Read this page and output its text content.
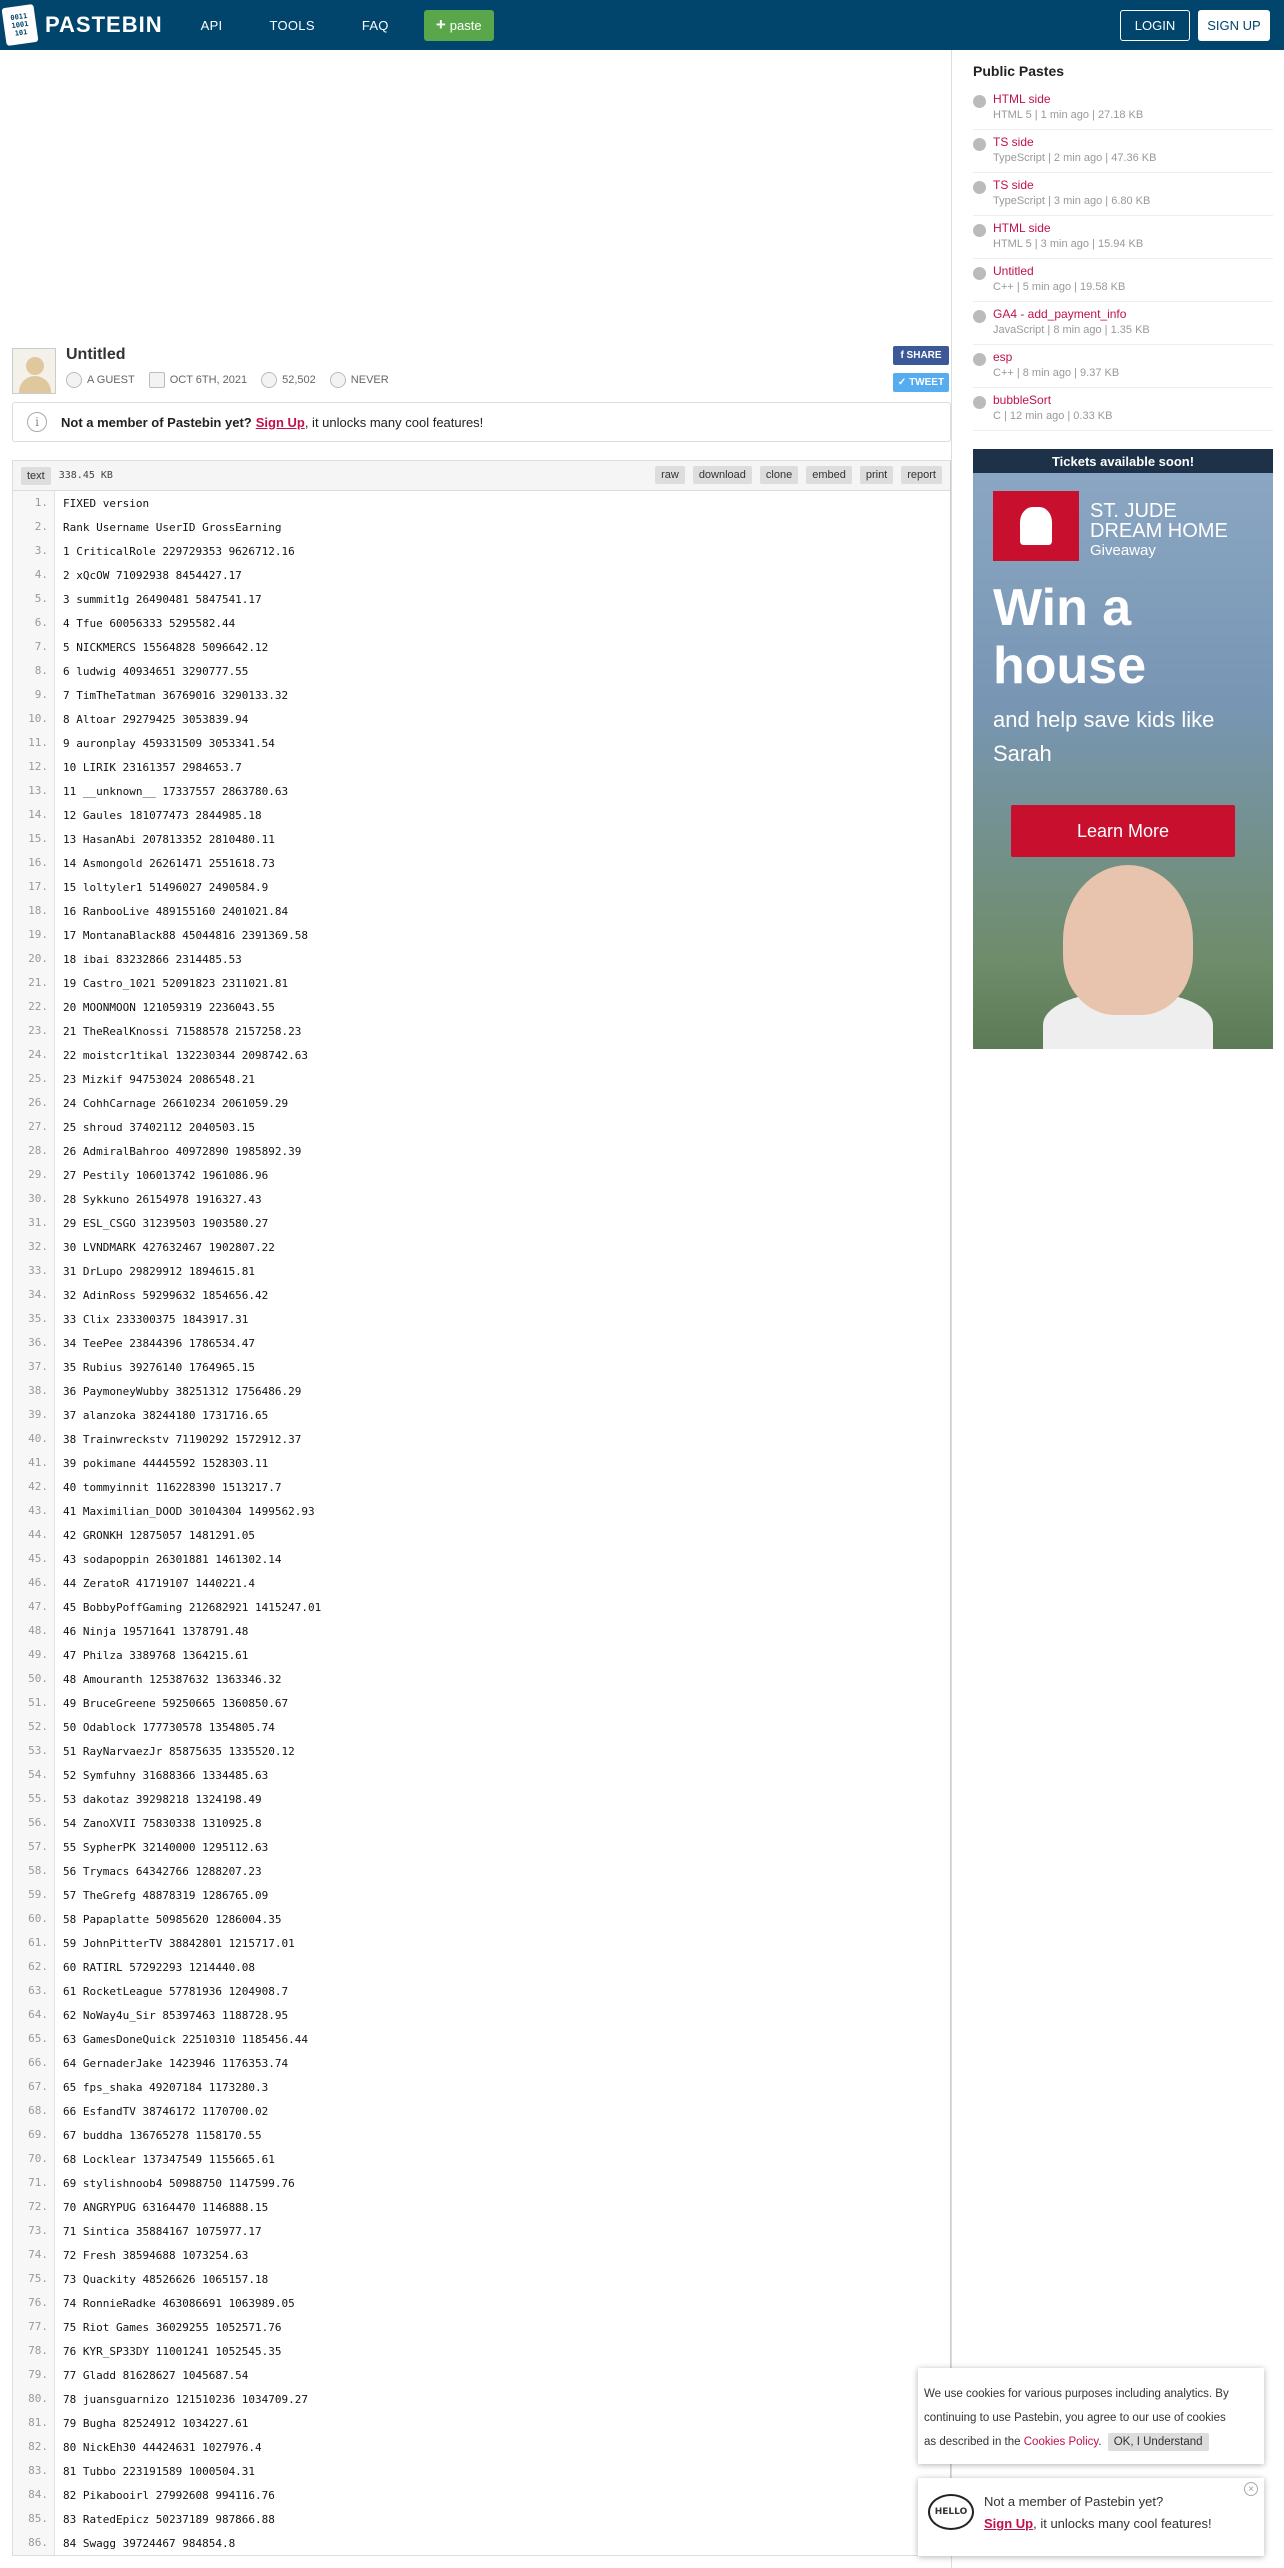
0011 1001 101 PASTEBIN	API	TOOLS	FAQ	+ paste	LOGIN	SIGN UP
Untitled
A GUEST	OCT 6TH, 2021	52,502	NEVER
f SHARE
✓ TWEET
i	Not a member of Pastebin yet? Sign Up , it unlocks many cool features!
text	338.45 KB	raw	download	clone	embed	print	report
1.	FIXED version
2.	Rank Username UserID GrossEarning
3.	1 CriticalRole 229729353 9626712.16
4.	2 xQcOW 71092938 8454427.17
5.	3 summit1g 26490481 5847541.17
6.	4 Tfue 60056333 5295582.44
7.	5 NICKMERCS 15564828 5096642.12
8.	6 ludwig 40934651 3290777.55
9.	7 TimTheTatman 36769016 3290133.32
10.	8 Altoar 29279425 3053839.94
11.	9 auronplay 459331509 3053341.54
12.	10 LIRIK 23161357 2984653.7
13.	11 __unknown__ 17337557 2863780.63
14.	12 Gaules 181077473 2844985.18
15.	13 HasanAbi 207813352 2810480.11
16.	14 Asmongold 26261471 2551618.73
17.	15 loltyler1 51496027 2490584.9
18.	16 RanbooLive 489155160 2401021.84
19.	17 MontanaBlack88 45044816 2391369.58
20.	18 ibai 83232866 2314485.53
21.	19 Castro_1021 52091823 2311021.81
22.	20 MOONMOON 121059319 2236043.55
23.	21 TheRealKnossi 71588578 2157258.23
24.	22 moistcr1tikal 132230344 2098742.63
25.	23 Mizkif 94753024 2086548.21
26.	24 CohhCarnage 26610234 2061059.29
27.	25 shroud 37402112 2040503.15
28.	26 AdmiralBahroo 40972890 1985892.39
29.	27 Pestily 106013742 1961086.96
30.	28 Sykkuno 26154978 1916327.43
31.	29 ESL_CSGO 31239503 1903580.27
32.	30 LVNDMARK 427632467 1902807.22
33.	31 DrLupo 29829912 1894615.81
34.	32 AdinRoss 59299632 1854656.42
35.	33 Clix 233300375 1843917.31
36.	34 TeePee 23844396 1786534.47
37.	35 Rubius 39276140 1764965.15
38.	36 PaymoneyWubby 38251312 1756486.29
39.	37 alanzoka 38244180 1731716.65
40.	38 Trainwreckstv 71190292 1572912.37
41.	39 pokimane 44445592 1528303.11
42.	40 tommyinnit 116228390 1513217.7
43.	41 Maximilian_DOOD 30104304 1499562.93
44.	42 GRONKH 12875057 1481291.05
45.	43 sodapoppin 26301881 1461302.14
46.	44 ZeratoR 41719107 1440221.4
47.	45 BobbyPoffGaming 212682921 1415247.01
48.	46 Ninja 19571641 1378791.48
49.	47 Philza 3389768 1364215.61
50.	48 Amouranth 125387632 1363346.32
51.	49 BruceGreene 59250665 1360850.67
52.	50 Odablock 177730578 1354805.74
53.	51 RayNarvaezJr 85875635 1335520.12
54.	52 Symfuhny 31688366 1334485.63
55.	53 dakotaz 39298218 1324198.49
56.	54 ZanoXVII 75830338 1310925.8
57.	55 SypherPK 32140000 1295112.63
58.	56 Trymacs 64342766 1288207.23
59.	57 TheGrefg 48878319 1286765.09
60.	58 Papaplatte 50985620 1286004.35
61.	59 JohnPitterTV 38842801 1215717.01
62.	60 RATIRL 57292293 1214440.08
63.	61 RocketLeague 57781936 1204908.7
64.	62 NoWay4u_Sir 85397463 1188728.95
65.	63 GamesDoneQuick 22510310 1185456.44
66.	64 GernaderJake 1423946 1176353.74
67.	65 fps_shaka 49207184 1173280.3
68.	66 EsfandTV 38746172 1170700.02
69.	67 buddha 136765278 1158170.55
70.	68 Locklear 137347549 1155665.61
71.	69 stylishnoob4 50988750 1147599.76
72.	70 ANGRYPUG 63164470 1146888.15
73.	71 Sintica 35884167 1075977.17
74.	72 Fresh 38594688 1073254.63
75.	73 Quackity 48526626 1065157.18
76.	74 RonnieRadke 463086691 1063989.05
77.	75 Riot Games 36029255 1052571.76
78.	76 KYR_SP33DY 11001241 1052545.35
79.	77 Gladd 81628627 1045687.54
80.	78 juansguarnizo 121510236 1034709.27
81.	79 Bugha 82524912 1034227.61
82.	80 NickEh30 44424631 1027976.4
83.	81 Tubbo 223191589 1000504.31
84.	82 Pikabooirl 27992608 994116.76
85.	83 RatedEpicz 50237189 987866.88
86.	84 Swagg 39724467 984854.8
Public Pastes
HTML side
HTML 5 | 1 min ago | 27.18 KB
TS side
TypeScript | 2 min ago | 47.36 KB
TS side
TypeScript | 3 min ago | 6.80 KB
HTML side
HTML 5 | 3 min ago | 15.94 KB
Untitled
C++ | 5 min ago | 19.58 KB
GA4 - add_payment_info
JavaScript | 8 min ago | 1.35 KB
esp
C++ | 8 min ago | 9.37 KB
bubbleSort
C | 12 min ago | 0.33 KB
Tickets available soon!
ST. JUDE
DREAM HOME
Giveaway
Win a
house
and help save kids like Sarah
Learn More
We use cookies for various purposes including analytics. By
continuing to use Pastebin, you agree to our use of cookies
as described in the Cookies Policy. OK, I Understand
HELLO
Not a member of Pastebin yet?
Sign Up, it unlocks many cool features!
×
